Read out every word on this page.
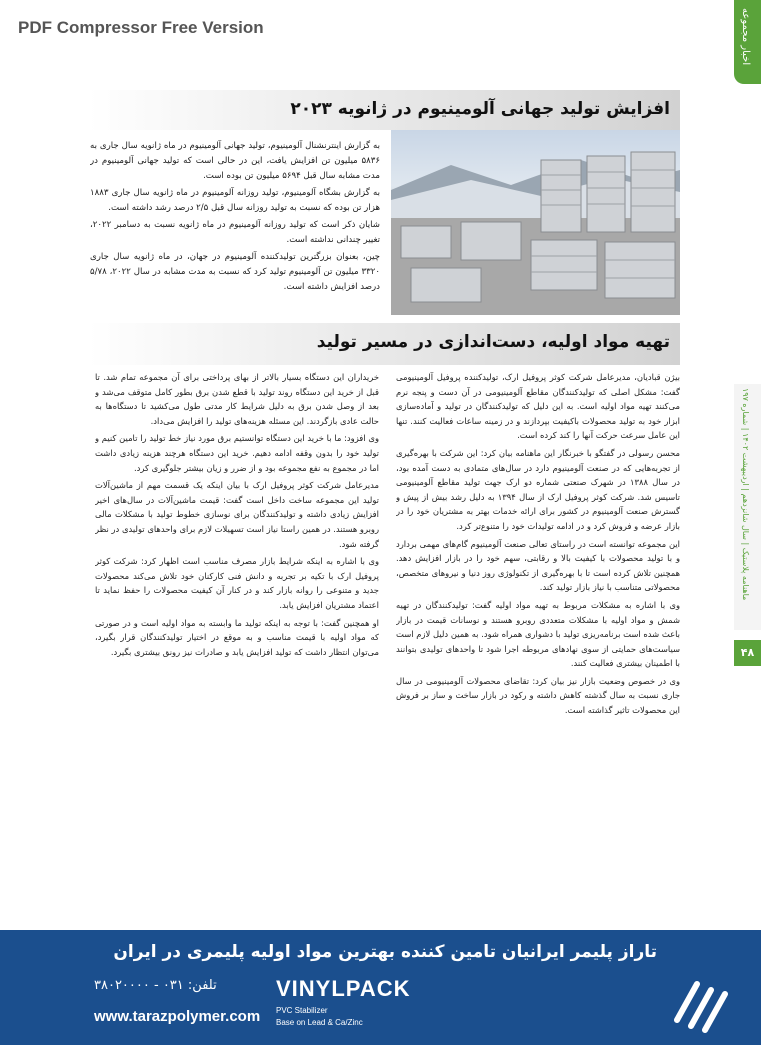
PDF Compressor Free Version	اخبار مجموعه
ماهنامه پلاستیک | سال شانزدهم | اردیبهشت ۱۴۰۲ | شماره ۱۹۷
۴۸
افزایش تولید جهانی آلومینیوم در ژانویه ۲۰۲۳

به گزارش اینترنشنال آلومینیوم، تولید جهانی آلومینیوم در ماه ژانویه سال جاری به ۵۸۳۶ میلیون تن افزایش یافت، این در حالی است که تولید جهانی آلومینیوم در مدت مشابه سال قبل ۵۶۹۴ میلیون تن بوده است.

به گزارش بشگاه آلومینیوم، تولید روزانه آلومینیوم در ماه ژانویه سال جاری ۱۸۸۳ هزار تن بوده که نسبت به تولید روزانه سال قبل ۲/۵ درصد رشد داشته است.

شایان ذکر است که تولید روزانه آلومینیوم در ماه ژانویه نسبت به دسامبر ۲۰۲۲، تغییر چندانی نداشته است.

چین، بعنوان بزرگترین تولیدکننده آلومینیوم در جهان، در ماه ژانویه سال جاری ۳۳۲۰ میلیون تن آلومینیوم تولید کرد که نسبت به مدت مشابه در سال ۲۰۲۲، ۵/۷۸ درصد افزایش داشته است.

تهیه مواد اولیه، دست‌اندازی در مسیر تولید

بیژن قبادیان، مدیرعامل شرکت کوثر پروفیل ارک، تولیدکننده پروفیل آلومینیومی گفت: مشکل اصلی که تولیدکنندگان مقاطع آلومینیومی در آن دست و پنجه نرم می‌کنند تهیه مواد اولیه است. به این دلیل که تولیدکنندگان در تولید و آماده‌سازی ابزار خود به تولید محصولات باکیفیت بپردازند و در زمینه ساعات فعالیت کنند. تنها این عامل سرعت حرکت آنها را کند کرده است.

محسن رسولی در گفتگو با خبرنگار این ماهنامه بیان کرد: این شرکت با بهره‌گیری از تجربه‌هایی که در صنعت آلومینیوم دارد در سال‌های متمادی به دست آمده بود، در سال ۱۳۸۸ در شهرک صنعتی شماره دو ارک جهت تولید مقاطع آلومینیومی تاسیس شد. شرکت کوثر پروفیل ارک از سال ۱۳۹۴ به دلیل رشد بیش از پیش و گسترش صنعت آلومینیوم در کشور برای ارائه خدمات بهتر به مشتریان خود را در بازار عرضه و فروش کرد و در ادامه تولیدات خود را متنوع‌تر کرد.

این مجموعه توانسته است در راستای تعالی صنعت آلومینیوم گام‌های مهمی بردارد و با تولید محصولات با کیفیت بالا و رقابتی، سهم خود را در بازار افزایش دهد. همچنین تلاش کرده است تا با بهره‌گیری از تکنولوژی روز دنیا و نیروهای متخصص، محصولاتی متناسب با نیاز بازار تولید کند.

وی با اشاره به مشکلات مربوط به تهیه مواد اولیه گفت: تولیدکنندگان در تهیه شمش و مواد اولیه با مشکلات متعددی روبرو هستند و نوسانات قیمت در بازار باعث شده است برنامه‌ریزی تولید با دشواری همراه شود. به همین دلیل لازم است سیاست‌های حمایتی از سوی نهادهای مربوطه اجرا شود تا واحدهای تولیدی بتوانند با اطمینان بیشتری فعالیت کنند.

وی در خصوص وضعیت بازار نیز بیان کرد: تقاضای محصولات آلومینیومی در سال جاری نسبت به سال گذشته کاهش داشته و رکود در بازار ساخت و ساز بر فروش این محصولات تاثیر گذاشته است.

خریداران این دستگاه بسیار بالاتر از بهای پرداختی برای آن مجموعه تمام شد. تا قبل از خرید این دستگاه روند تولید با قطع شدن برق بطور کامل متوقف می‌شد و بعد از وصل شدن برق به دلیل شرایط کار مدتی طول می‌کشید تا دستگاه‌ها به حالت عادی بازگردند. این مسئله هزینه‌های تولید را افزایش می‌داد.

وی افزود: ما با خرید این دستگاه توانستیم برق مورد نیاز خط تولید را تامین کنیم و تولید خود را بدون وقفه ادامه دهیم. خرید این دستگاه هرچند هزینه زیادی داشت اما در مجموع به نفع مجموعه بود و از ضرر و زیان بیشتر جلوگیری کرد.

مدیرعامل شرکت کوثر پروفیل ارک با بیان اینکه یک قسمت مهم از ماشین‌آلات تولید این مجموعه ساخت داخل است گفت: قیمت ماشین‌آلات در سال‌های اخیر افزایش زیادی داشته و تولیدکنندگان برای نوسازی خطوط تولید با مشکلات مالی روبرو هستند. در همین راستا نیاز است تسهیلات لازم برای واحدهای تولیدی در نظر گرفته شود.

وی با اشاره به اینکه شرایط بازار مصرف مناسب است اظهار کرد: شرکت کوثر پروفیل ارک با تکیه بر تجربه و دانش فنی کارکنان خود تلاش می‌کند محصولات جدید و متنوعی را روانه بازار کند و در کنار آن کیفیت محصولات را حفظ نماید تا اعتماد مشتریان افزایش یابد.

او همچنین گفت: با توجه به اینکه تولید ما وابسته به مواد اولیه است و در صورتی که مواد اولیه با قیمت مناسب و به موقع در اختیار تولیدکنندگان قرار بگیرد، می‌توان انتظار داشت که تولید افزایش یابد و صادرات نیز رونق بیشتری بگیرد.

تاراز پلیمر ایرانیان تامین کننده بهترین مواد اولیه پلیمری در ایران
VINYLPACK
PVC Stabilizer
Base on Lead & Ca/Zinc
تلفن: ۰۳۱ - ۳۸۰۲۰۰۰۰
www.tarazpolymer.com
